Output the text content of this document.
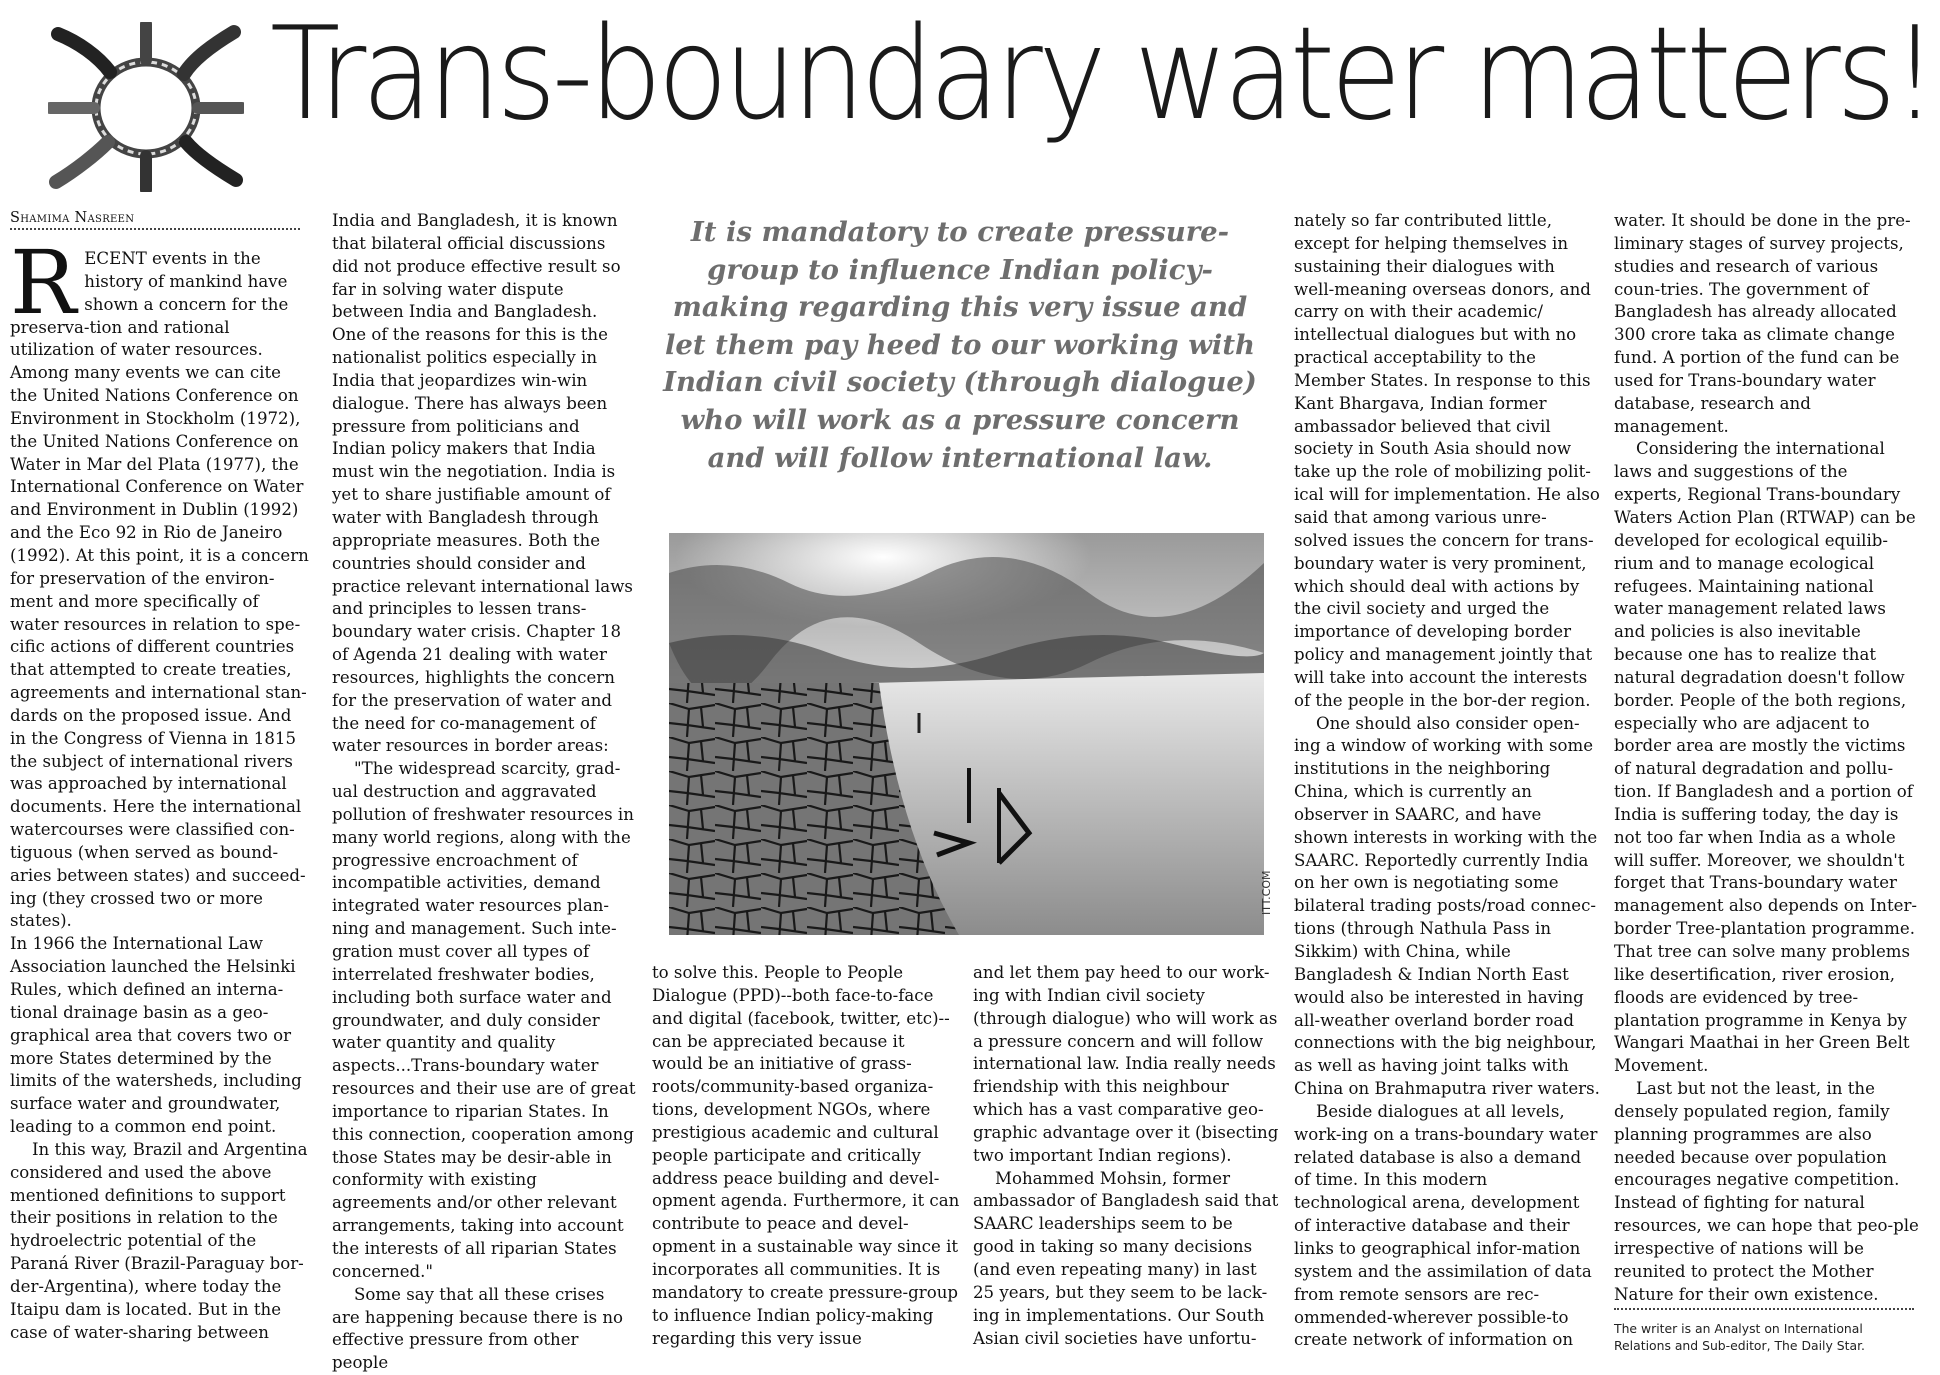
Trans-boundary water matters!
Shamima Nasreen

RECENT events in the history of mankind have shown a concern for the preserva-tion and rational utilization of water resources. Among many events we can cite the United Nations Conference on Environment in Stockholm (1972), the United Nations Conference on Water in Mar del Plata (1977), the International Conference on Water and Environment in Dublin (1992) and the Eco 92 in Rio de Janeiro (1992). At this point, it is a concern for preservation of the environ-ment and more specifically of water resources in relation to spe-cific actions of different countries that attempted to create treaties, agreements and international stan-dards on the proposed issue. And in the Congress of Vienna in 1815 the subject of international rivers was approached by international documents. Here the international watercourses were classified con-tiguous (when served as bound-aries between states) and succeed-ing (they crossed two or more states).

In 1966 the International Law Association launched the Helsinki Rules, which defined an interna-tional drainage basin as a geo-graphical area that covers two or more States determined by the limits of the watersheds, including surface water and groundwater, leading to a common end point.

In this way, Brazil and Argentina considered and used the above mentioned definitions to support their positions in relation to the hydroelectric potential of the Paraná River (Brazil-Paraguay bor-der-Argentina), where today the Itaipu dam is located. But in the case of water-sharing between

India and Bangladesh, it is known that bilateral official discussions did not produce effective result so far in solving water dispute between India and Bangladesh. One of the reasons for this is the nationalist politics especially in India that jeopardizes win-win dialogue. There has always been pressure from politicians and Indian policy makers that India must win the negotiation. India is yet to share justifiable amount of water with Bangladesh through appropriate measures. Both the countries should consider and practice relevant international laws and principles to lessen trans-boundary water crisis. Chapter 18 of Agenda 21 dealing with water resources, highlights the concern for the preservation of water and the need for co-management of water resources in border areas:

"The widespread scarcity, grad-ual destruction and aggravated pollution of freshwater resources in many world regions, along with the progressive encroachment of incompatible activities, demand integrated water resources plan-ning and management. Such inte-gration must cover all types of interrelated freshwater bodies, including both surface water and groundwater, and duly consider water quantity and quality aspects...Trans-boundary water resources and their use are of great importance to riparian States. In this connection, cooperation among those States may be desir-able in conformity with existing agreements and/or other relevant arrangements, taking into account the interests of all riparian States concerned."

Some say that all these crises are happening because there is no effective pressure from other people

It is mandatory to create pressure-group to influence Indian policy-making regarding this very issue and let them pay heed to our working with Indian civil society (through dialogue) who will work as a pressure concern and will follow international law.

ITT.COM

to solve this. People to People Dialogue (PPD)--both face-to-face and digital (facebook, twitter, etc)--can be appreciated because it would be an initiative of grass-roots/community-based organiza-tions, development NGOs, where prestigious academic and cultural people participate and critically address peace building and devel-opment agenda. Furthermore, it can contribute to peace and devel-opment in a sustainable way since it incorporates all communities. It is mandatory to create pressure-group to influence Indian policy-making regarding this very issue

and let them pay heed to our work-ing with Indian civil society (through dialogue) who will work as a pressure concern and will follow international law. India really needs friendship with this neighbour which has a vast comparative geo-graphic advantage over it (bisecting two important Indian regions).

Mohammed Mohsin, former ambassador of Bangladesh said that SAARC leaderships seem to be good in taking so many decisions (and even repeating many) in last 25 years, but they seem to be lack-ing in implementations. Our South Asian civil societies have unfortu-

nately so far contributed little, except for helping themselves in sustaining their dialogues with well-meaning overseas donors, and carry on with their academic/ intellectual dialogues but with no practical acceptability to the Member States. In response to this Kant Bhargava, Indian former ambassador believed that civil society in South Asia should now take up the role of mobilizing polit-ical will for implementation. He also said that among various unre-solved issues the concern for trans-boundary water is very prominent, which should deal with actions by the civil society and urged the importance of developing border policy and management jointly that will take into account the interests of the people in the bor-der region.

One should also consider open-ing a window of working with some institutions in the neighboring China, which is currently an observer in SAARC, and have shown interests in working with the SAARC. Reportedly currently India on her own is negotiating some bilateral trading posts/road connec-tions (through Nathula Pass in Sikkim) with China, while Bangladesh & Indian North East would also be interested in having all-weather overland border road connections with the big neighbour, as well as having joint talks with China on Brahmaputra river waters.

Beside dialogues at all levels, work-ing on a trans-boundary water related database is also a demand of time. In this modern technological arena, development of interactive database and their links to geographical infor-mation system and the assimilation of data from remote sensors are rec-ommended-wherever possible-to create network of information on

water. It should be done in the pre-liminary stages of survey projects, studies and research of various coun-tries. The government of Bangladesh has already allocated 300 crore taka as climate change fund. A portion of the fund can be used for Trans-boundary water database, research and management.

Considering the international laws and suggestions of the experts, Regional Trans-boundary Waters Action Plan (RTWAP) can be developed for ecological equilib-rium and to manage ecological refugees. Maintaining national water management related laws and policies is also inevitable because one has to realize that natural degradation doesn't follow border. People of the both regions, especially who are adjacent to border area are mostly the victims of natural degradation and pollu-tion. If Bangladesh and a portion of India is suffering today, the day is not too far when India as a whole will suffer. Moreover, we shouldn't forget that Trans-boundary water management also depends on Inter-border Tree-plantation programme. That tree can solve many problems like desertification, river erosion, floods are evidenced by tree-plantation programme in Kenya by Wangari Maathai in her Green Belt Movement.

Last but not the least, in the densely populated region, family planning programmes are also needed because over population encourages negative competition. Instead of fighting for natural resources, we can hope that peo-ple irrespective of nations will be reunited to protect the Mother Nature for their own existence.

The writer is an Analyst on International Relations and Sub-editor, The Daily Star.
